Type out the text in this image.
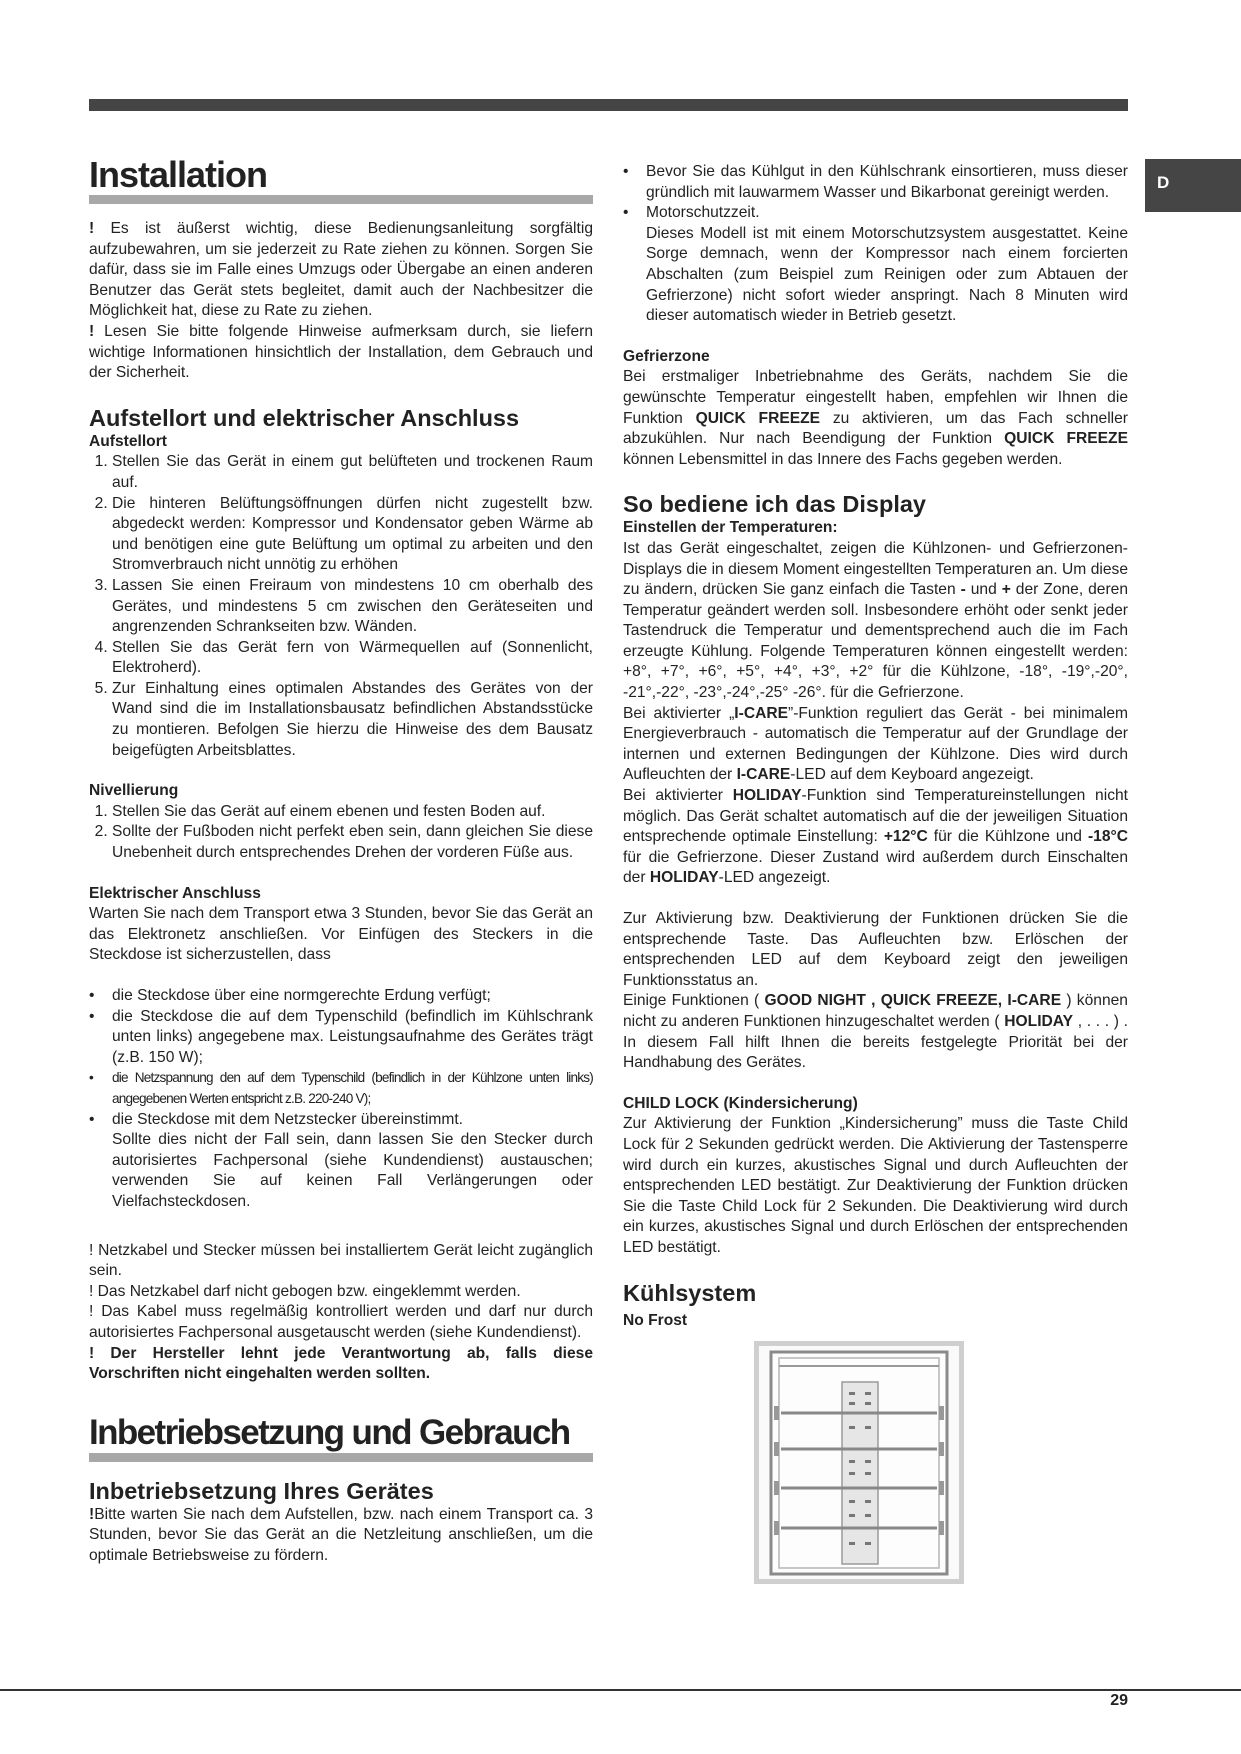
D
Installation

! Es ist äußerst wichtig, diese Bedienungsanleitung sorgfältig aufzubewahren, um sie jederzeit zu Rate ziehen zu können. Sorgen Sie dafür, dass sie im Falle eines Umzugs oder Übergabe an einen anderen Benutzer das Gerät stets begleitet, damit auch der Nachbesitzer die Möglichkeit hat, diese zu Rate zu ziehen.

! Lesen Sie bitte folgende Hinweise aufmerksam durch, sie liefern wichtige Informationen hinsichtlich der Installation, dem Gebrauch und der Sicherheit.

Aufstellort und elektrischer Anschluss
Aufstellort
1. Stellen Sie das Gerät in einem gut belüfteten und trockenen Raum auf.
2. Die hinteren Belüftungsöffnungen dürfen nicht zugestellt bzw. abgedeckt werden: Kompressor und Kondensator geben Wärme ab und benötigen eine gute Belüftung um optimal zu arbeiten und den Stromverbrauch nicht unnötig zu erhöhen
3. Lassen Sie einen Freiraum von mindestens 10 cm oberhalb des Gerätes, und mindestens 5 cm zwischen den Geräteseiten und angrenzenden Schrankseiten bzw. Wänden.
4. Stellen Sie das Gerät fern von Wärmequellen auf (Sonnenlicht, Elektroherd).
5. Zur Einhaltung eines optimalen Abstandes des Gerätes von der Wand sind die im Installationsbausatz befindlichen Abstandsstücke zu montieren. Befolgen Sie hierzu die Hinweise des dem Bausatz beigefügten Arbeitsblattes.
Nivellierung
1. Stellen Sie das Gerät auf einem ebenen und festen Boden auf.
2. Sollte der Fußboden nicht perfekt eben sein, dann gleichen Sie diese Unebenheit durch entsprechendes Drehen der vorderen Füße aus.
Elektrischer Anschluss

Warten Sie nach dem Transport etwa 3 Stunden, bevor Sie das Gerät an das Elektronetz anschließen. Vor Einfügen des Steckers in die Steckdose ist sicherzustellen, dass

• die Steckdose über eine normgerechte Erdung verfügt;
• die Steckdose die auf dem Typenschild (befindlich im Kühlschrank unten links) angegebene max. Leistungsaufnahme des Gerätes trägt (z.B. 150 W);
• die Netzspannung den auf dem Typenschild (befindlich in der Kühlzone unten links) angegebenen Werten entspricht z.B. 220-240 V);
• die Steckdose mit dem Netzstecker übereinstimmt.
Sollte dies nicht der Fall sein, dann lassen Sie den Stecker durch autorisiertes Fachpersonal (siehe Kundendienst) austauschen; verwenden Sie auf keinen Fall Verlängerungen oder Vielfachsteckdosen.

! Netzkabel und Stecker müssen bei installiertem Gerät leicht zugänglich sein.

! Das Netzkabel darf nicht gebogen bzw. eingeklemmt werden.

! Das Kabel muss regelmäßig kontrolliert werden und darf nur durch autorisiertes Fachpersonal ausgetauscht werden (siehe Kundendienst).

! Der Hersteller lehnt jede Verantwortung ab, falls diese Vorschriften nicht eingehalten werden sollten.

Inbetriebsetzung und Gebrauch
Inbetriebsetzung Ihres Gerätes

!Bitte warten Sie nach dem Aufstellen, bzw. nach einem Transport ca. 3 Stunden, bevor Sie das Gerät an die Netzleitung anschließen, um die optimale Betriebsweise zu fördern.

• Bevor Sie das Kühlgut in den Kühlschrank einsortieren, muss dieser gründlich mit lauwarmem Wasser und Bikarbonat gereinigt werden.
• Motorschutzzeit.
Dieses Modell ist mit einem Motorschutzsystem ausgestattet. Keine Sorge demnach, wenn der Kompressor nach einem forcierten Abschalten (zum Beispiel zum Reinigen oder zum Abtauen der Gefrierzone) nicht sofort wieder anspringt. Nach 8 Minuten wird dieser automatisch wieder in Betrieb gesetzt.
Gefrierzone

Bei erstmaliger Inbetriebnahme des Geräts, nachdem Sie die gewünschte Temperatur eingestellt haben, empfehlen wir Ihnen die Funktion QUICK FREEZE zu aktivieren, um das Fach schneller abzukühlen. Nur nach Beendigung der Funktion QUICK FREEZE können Lebensmittel in das Innere des Fachs gegeben werden.

So bediene ich das Display
Einstellen der Temperaturen:

Ist das Gerät eingeschaltet, zeigen die Kühlzonen- und Gefrierzonen-Displays die in diesem Moment eingestellten Temperaturen an. Um diese zu ändern, drücken Sie ganz einfach die Tasten - und + der Zone, deren Temperatur geändert werden soll. Insbesondere erhöht oder senkt jeder Tastendruck die Temperatur und dementsprechend auch die im Fach erzeugte Kühlung. Folgende Temperaturen können eingestellt werden: +8°, +7°, +6°, +5°, +4°, +3°, +2° für die Kühlzone, -18°, -19°,-20°, -21°,-22°, -23°,-24°,-25° -26°. für die Gefrierzone.

Bei aktivierter „I-CARE”-Funktion reguliert das Gerät - bei minimalem Energieverbrauch - automatisch die Temperatur auf der Grundlage der internen und externen Bedingungen der Kühlzone. Dies wird durch Aufleuchten der I-CARE-LED auf dem Keyboard angezeigt.

Bei aktivierter HOLIDAY-Funktion sind Temperatureinstellungen nicht möglich. Das Gerät schaltet automatisch auf die der jeweiligen Situation entsprechende optimale Einstellung: +12°C für die Kühlzone und -18°C für die Gefrierzone. Dieser Zustand wird außerdem durch Einschalten der HOLIDAY-LED angezeigt.

Zur Aktivierung bzw. Deaktivierung der Funktionen drücken Sie die entsprechende Taste. Das Aufleuchten bzw. Erlöschen der entsprechenden LED auf dem Keyboard zeigt den jeweiligen Funktionsstatus an.

Einige Funktionen ( GOOD NIGHT , QUICK FREEZE, I-CARE ) können nicht zu anderen Funktionen hinzugeschaltet werden ( HOLIDAY , . . . ) . In diesem Fall hilft Ihnen die bereits festgelegte Priorität bei der Handhabung des Gerätes.

CHILD LOCK (Kindersicherung)

Zur Aktivierung der Funktion „Kindersicherung” muss die Taste Child Lock für 2 Sekunden gedrückt werden. Die Aktivierung der Tastensperre wird durch ein kurzes, akustisches Signal und durch Aufleuchten der entsprechenden LED bestätigt. Zur Deaktivierung der Funktion drücken Sie die Taste Child Lock für 2 Sekunden. Die Deaktivierung wird durch ein kurzes, akustisches Signal und durch Erlöschen der entsprechenden LED bestätigt.

Kühlsystem
No Frost
29
